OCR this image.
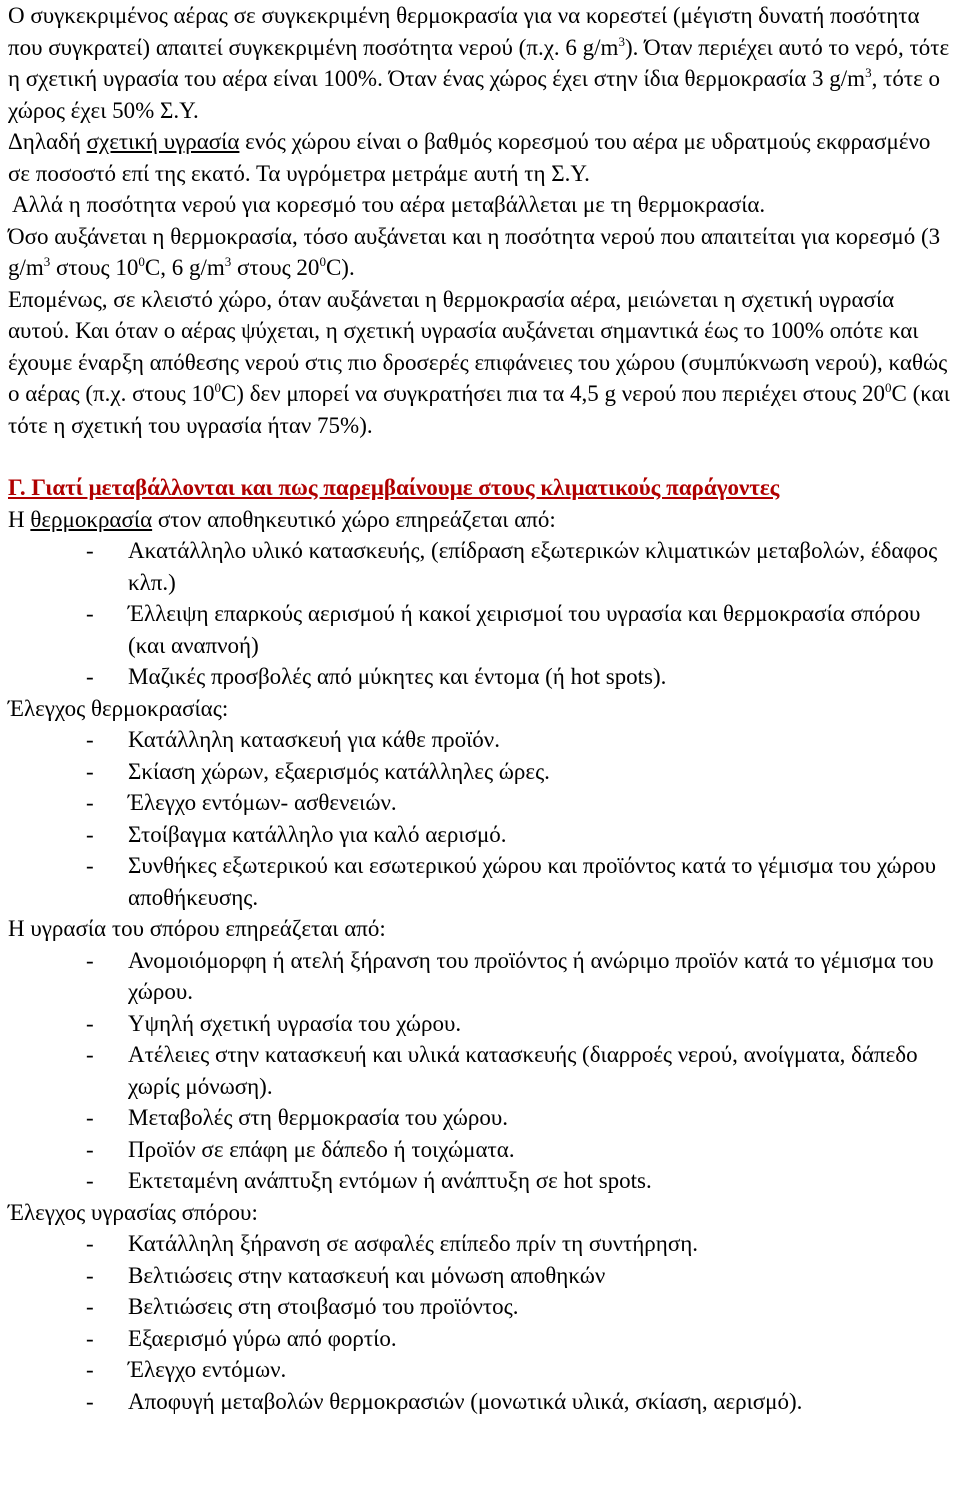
Ο συγκεκριμένος αέρας σε συγκεκριμένη θερμοκρασία για να κορεστεί (μέγιστη δυνατή ποσότητα που συγκρατεί) απαιτεί συγκεκριμένη ποσότητα νερού (π.χ. 6 $g/m^3$). Όταν περιέχει αυτό το νερό, τότε η σχετική υγρασία του αέρα είναι 100%. Όταν ένας χώρος έχει στην ίδια θερμοκρασία 3 $g/m^3$, τότε ο χώρος έχει 50% Σ.Υ.
Δηλαδή σχετική υγρασία ενός χώρου είναι ο βαθμός κορεσμού του αέρα με υδρατμούς εκφρασμένο σε ποσοστό επί της εκατό. Τα υγρόμετρα μετράμε αυτή τη Σ.Υ.

Αλλά η ποσότητα νερού για κορεσμό του αέρα μεταβάλλεται με τη θερμοκρασία.

Όσο αυξάνεται η θερμοκρασία, τόσο αυξάνεται και η ποσότητα νερού που απαιτείται για κορεσμό (3 $g/m^3$ στους $10^0C$, 6 $g/m^3$ στους $20^0C$).

Επομένως, σε κλειστό χώρο, όταν αυξάνεται η θερμοκρασία αέρα, μειώνεται η σχετική υγρασία αυτού. Και όταν ο αέρας ψύχεται, η σχετική υγρασία αυξάνεται σημαντικά έως το 100% οπότε και έχουμε έναρξη απόθεσης νερού στις πιο δροσερές επιφάνειες του χώρου (συμπύκνωση νερού), καθώς ο αέρας (π.χ. στους $10^0C$) δεν μπορεί να συγκρατήσει πια τα 4,5 g νερού που περιέχει στους $20^0C$ (και τότε η σχετική του υγρασία ήταν 75%).

Γ. Γιατί μεταβάλλονται και πως παρεμβαίνουμε στους κλιματικούς παράγοντες

Η θερμοκρασία στον αποθηκευτικό χώρο επηρεάζεται από:

- Ακατάλληλο υλικό κατασκευής, (επίδραση εξωτερικών κλιματικών μεταβολών, έδαφος κλπ.)
- Έλλειψη επαρκούς αερισμού ή κακοί χειρισμοί του υγρασία και θερμοκρασία σπόρου (και αναπνοή)
- Μαζικές προσβολές από μύκητες και έντομα (ή hot spots).

Έλεγχος θερμοκρασίας:

- Κατάλληλη κατασκευή για κάθε προϊόν.
- Σκίαση χώρων, εξαερισμός κατάλληλες ώρες.
- Έλεγχο εντόμων- ασθενειών.
- Στοίβαγμα κατάλληλο για καλό αερισμό.
- Συνθήκες εξωτερικού και εσωτερικού χώρου και προϊόντος κατά το γέμισμα του χώρου αποθήκευσης.

Η υγρασία του σπόρου επηρεάζεται από:

- Ανομοιόμορφη ή ατελή ξήρανση του προϊόντος ή ανώριμο προϊόν κατά το γέμισμα του χώρου.
- Υψηλή σχετική υγρασία του χώρου.
- Ατέλειες στην κατασκευή και υλικά κατασκευής (διαρροές νερού, ανοίγματα, δάπεδο χωρίς μόνωση).
- Μεταβολές στη θερμοκρασία του χώρου.
- Προϊόν σε επάφη με δάπεδο ή τοιχώματα.
- Εκτεταμένη ανάπτυξη εντόμων ή ανάπτυξη σε hot spots.

Έλεγχος υγρασίας σπόρου:

- Κατάλληλη ξήρανση σε ασφαλές επίπεδο πρίν τη συντήρηση.
- Βελτιώσεις στην κατασκευή και μόνωση αποθηκών
- Βελτιώσεις στη στοιβασμό του προϊόντος.
- Εξαερισμό γύρω από φορτίο.
- Έλεγχο εντόμων.
- Αποφυγή μεταβολών θερμοκρασιών (μονωτικά υλικά, σκίαση, αερισμό).
